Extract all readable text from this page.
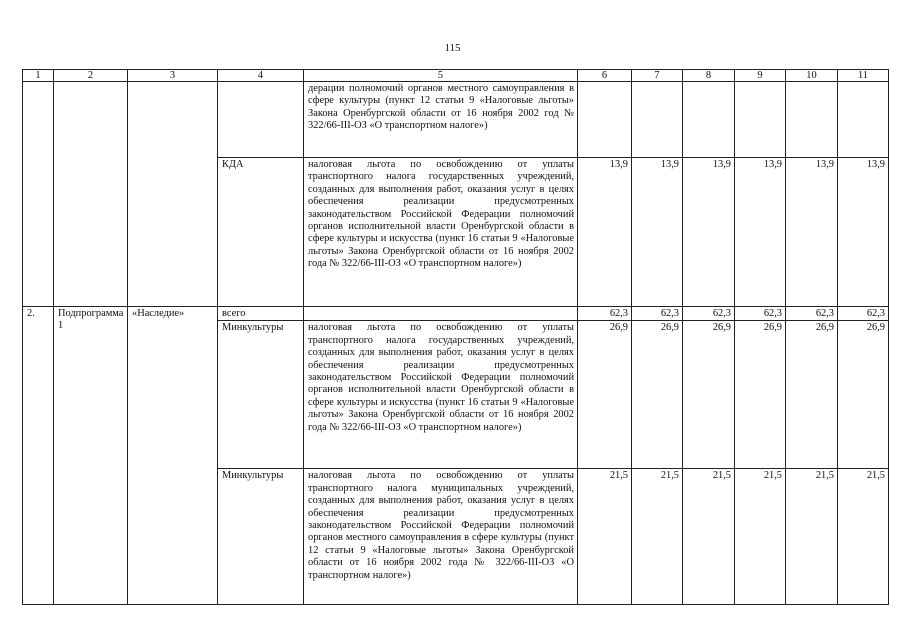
115
1	2	3	4	5	6	7	8	9	10	11
				дерации полномочий органов местного самоуправления в сфере культуры (пункт 12 статьи 9 «Налоговые льготы» Закона Оренбургской области от 16 ноября 2002 год № 322/66-III-ОЗ «О транспортном налоге»)						
			КДА	налоговая льгота по освобождению от уплаты транспортного налога государственных учреждений, созданных для выполнения работ, оказания услуг в целях обеспечения реализации предусмотренных законодательством Российской Федерации полномочий органов исполнительной власти Оренбургской области в сфере культуры и искусства (пункт 16 статьи 9 «Налоговые льготы» Закона Оренбургской области от 16 ноября 2002 года № 322/66-III-ОЗ «О транспортном налоге»)	13,9	13,9	13,9	13,9	13,9	13,9
2.	Подпрограмма 1	«Наследие»	всего		62,3	62,3	62,3	62,3	62,3	62,3
			Минкультуры	налоговая льгота по освобождению от уплаты транспортного налога государственных учреждений, созданных для выполнения работ, оказания услуг в целях обеспечения реализации предусмотренных законодательством Российской Федерации полномочий органов исполнительной власти Оренбургской области в сфере культуры и искусства (пункт 16 статьи 9 «Налоговые льготы» Закона Оренбургской области от 16 ноября 2002 года № 322/66-III-ОЗ «О транспортном налоге»)	26,9	26,9	26,9	26,9	26,9	26,9
			Минкультуры	налоговая льгота по освобождению от уплаты транспортного налога муниципальных учреждений, созданных для выполнения работ, оказания услуг в целях обеспечения реализации предусмотренных законодательством Российской Федерации полномочий органов местного самоуправления в сфере культуры (пункт 12 статьи 9 «Налоговые льготы» Закона Оренбургской области от 16 ноября 2002 года № 322/66-III-ОЗ «О транспортном налоге»)	21,5	21,5	21,5	21,5	21,5	21,5
